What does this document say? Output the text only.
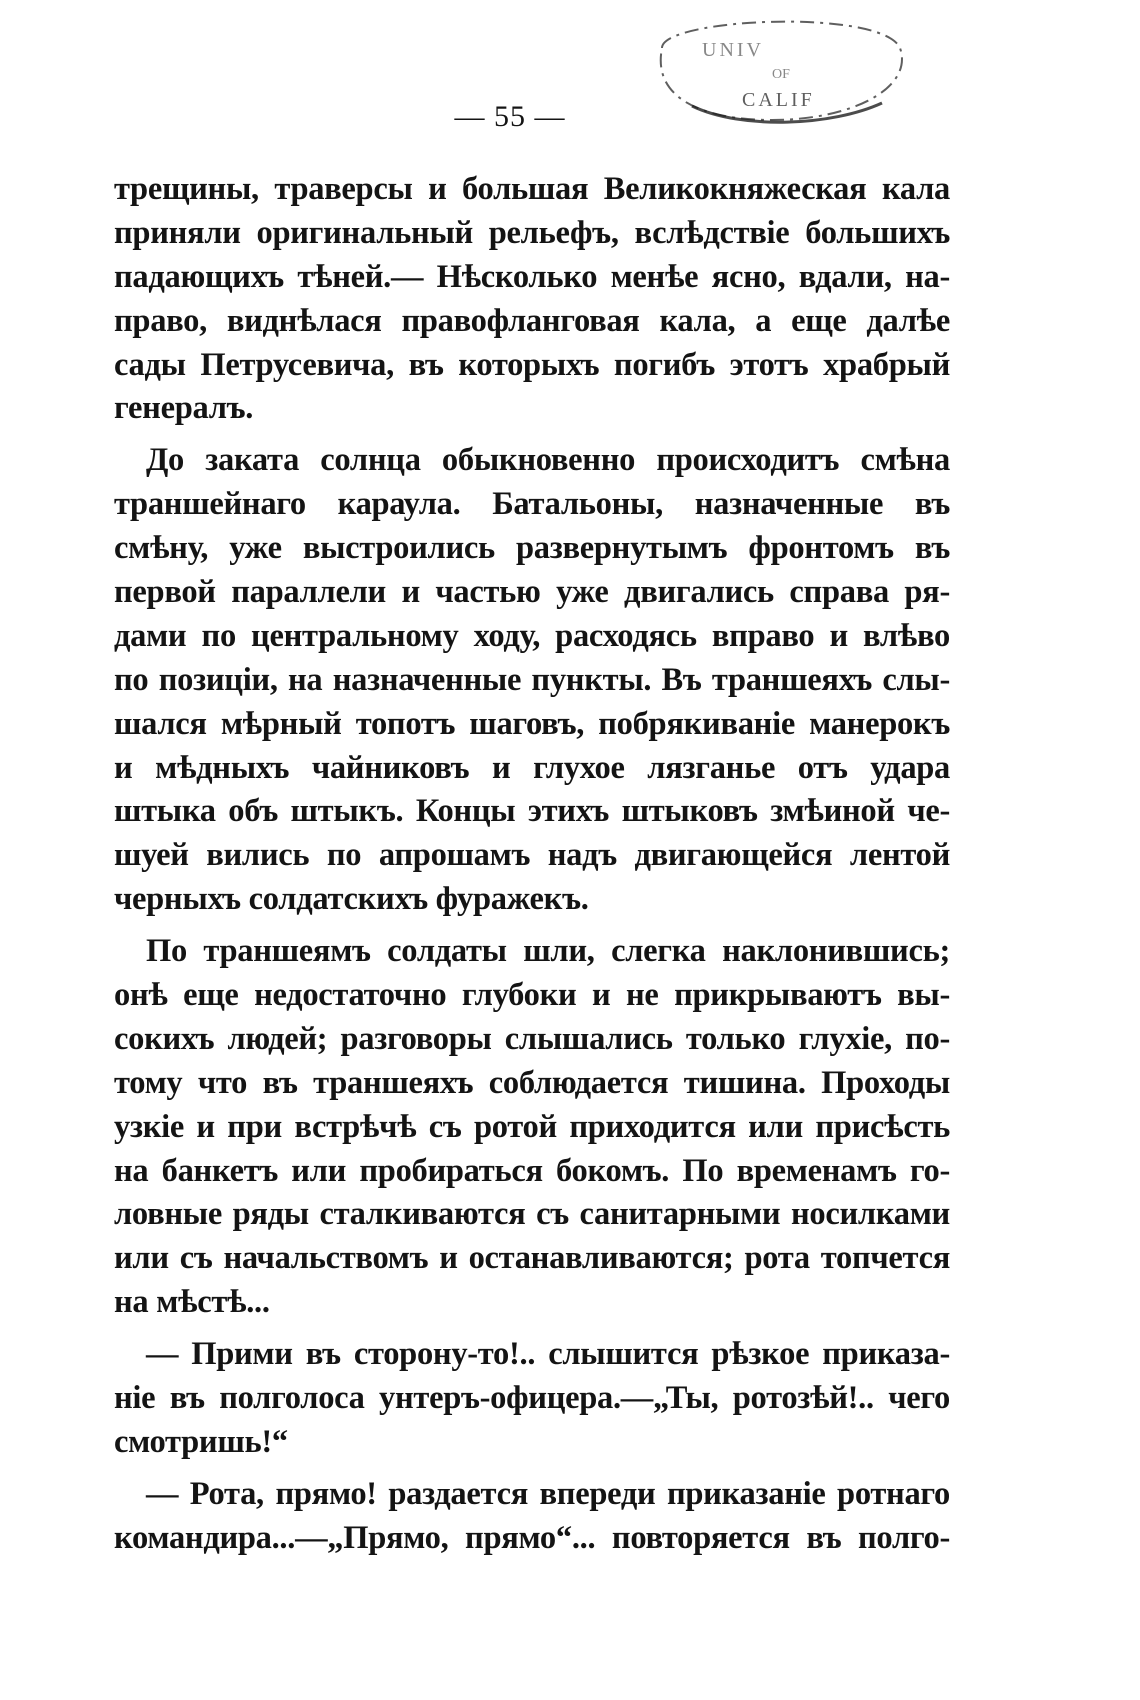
UNIV
OF
CALIF
— 55 —
трещины, траверсы и большая Великокняжеская кала
приняли оригинальный рельефъ, вслѣдствіе большихъ
падающихъ тѣней.— Нѣсколько менѣе ясно, вдали, на-
право, виднѣлася правофланговая кала, а еще далѣе
сады Петрусевича, въ которыхъ погибъ этотъ храбрый
генералъ.
До заката солнца обыкновенно происходитъ смѣна
траншейнаго караула. Батальоны, назначенные въ
смѣну, уже выстроились развернутымъ фронтомъ въ
первой параллели и частью уже двигались справа ря-
дами по центральному ходу, расходясь вправо и влѣво
по позиціи, на назначенные пункты. Въ траншеяхъ слы-
шался мѣрный топотъ шаговъ, побрякиваніе манерокъ
и мѣдныхъ чайниковъ и глухое лязганье отъ удара
штыка объ штыкъ. Концы этихъ штыковъ змѣиной че-
шуей вились по апрошамъ надъ двигающейся лентой
черныхъ солдатскихъ фуражекъ.
По траншеямъ солдаты шли, слегка наклонившись;
онѣ еще недостаточно глубоки и не прикрываютъ вы-
сокихъ людей; разговоры слышались только глухіе, по-
тому что въ траншеяхъ соблюдается тишина. Проходы
узкіе и при встрѣчѣ съ ротой приходится или присѣсть
на банкетъ или пробираться бокомъ. По временамъ го-
ловные ряды сталкиваются съ санитарными носилками
или съ начальствомъ и останавливаются; рота топчется
на мѣстѣ...
— Прими въ сторону-то!.. слышится рѣзкое приказа-
ніе въ полголоса унтеръ-офицера.—„Ты, ротозѣй!.. чего
смотришь!“
— Рота, прямо! раздается впереди приказаніе ротнаго
командира...—„Прямо, прямо“... повторяется въ полго-
